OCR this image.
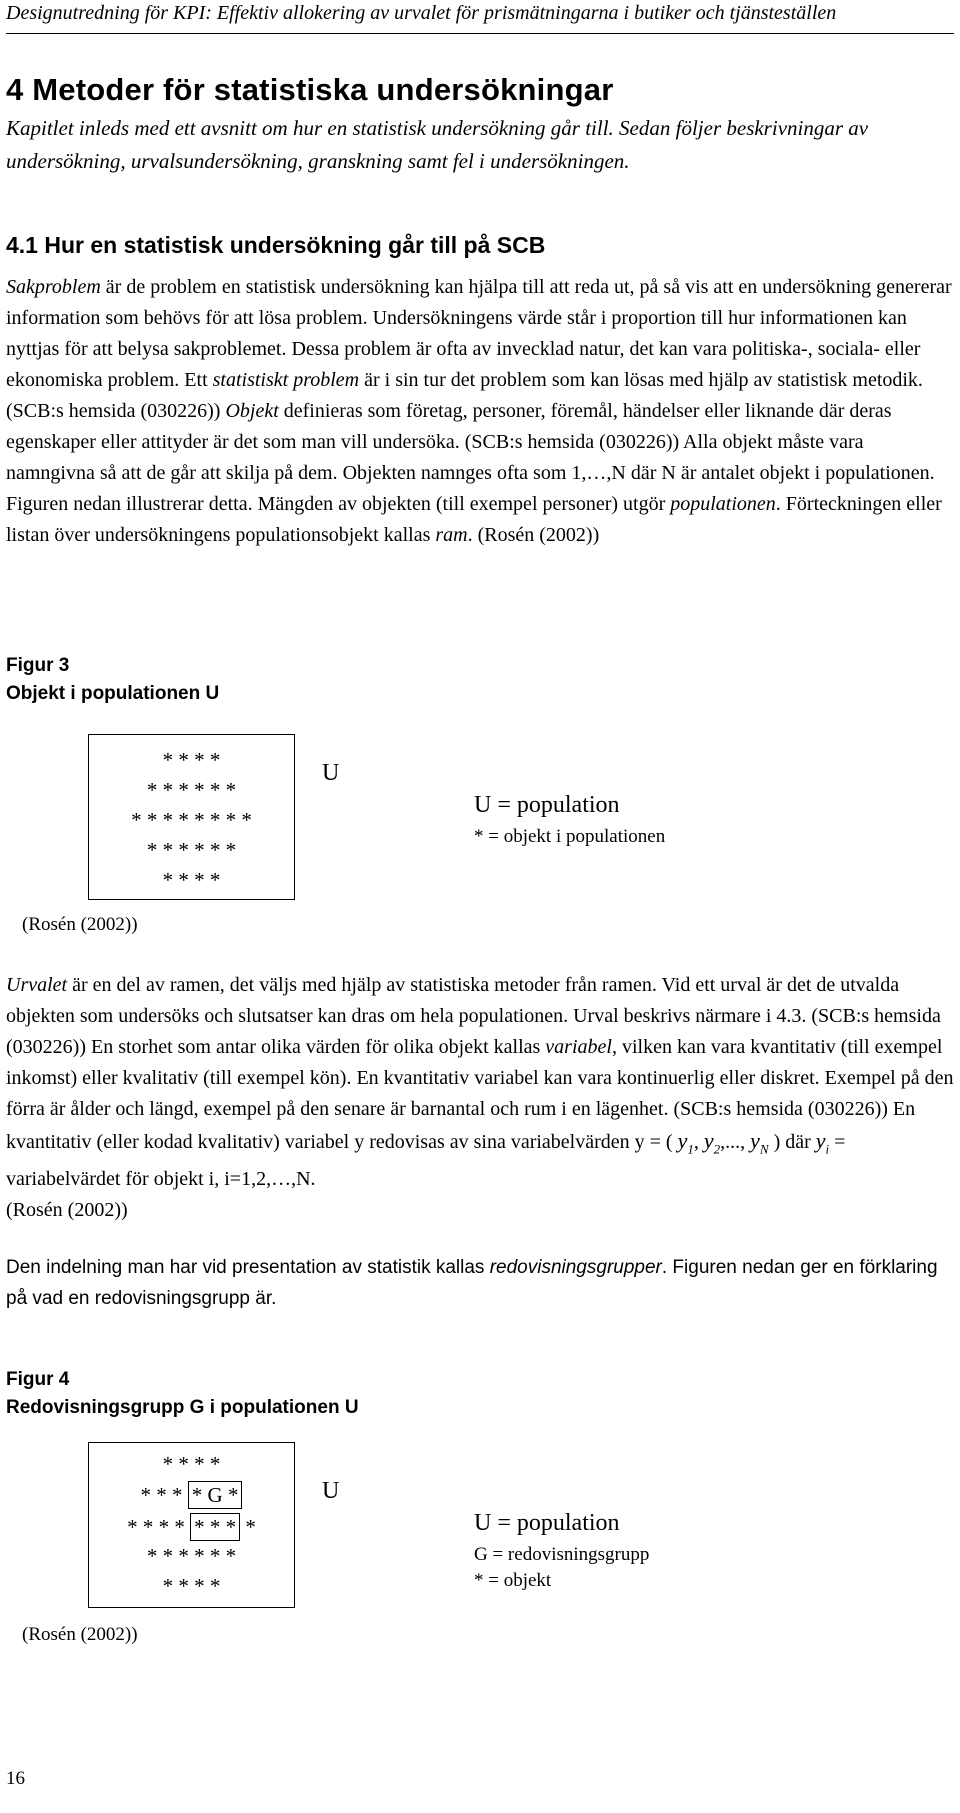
Designutredning för KPI: Effektiv allokering av urvalet för prismätningarna i butiker och tjänsteställen
4 Metoder för statistiska undersökningar

Kapitlet inleds med ett avsnitt om hur en statistisk undersökning går till. Sedan följer beskrivningar av undersökning, urvalsundersökning, granskning samt fel i undersökningen.

4.1 Hur en statistisk undersökning går till på SCB

Sakproblem är de problem en statistisk undersökning kan hjälpa till att reda ut, på så vis att en undersökning genererar information som behövs för att lösa problem. Undersökningens värde står i proportion till hur informationen kan nyttjas för att belysa sakproblemet. Dessa problem är ofta av invecklad natur, det kan vara politiska-, sociala- eller ekonomiska problem. Ett statistiskt problem är i sin tur det problem som kan lösas med hjälp av statistisk metodik. (SCB:s hemsida (030226)) Objekt definieras som företag, personer, föremål, händelser eller liknande där deras egenskaper eller attityder är det som man vill undersöka. (SCB:s hemsida (030226)) Alla objekt måste vara namngivna så att de går att skilja på dem. Objekten namnges ofta som 1,…,N där N är antalet objekt i populationen. Figuren nedan illustrerar detta. Mängden av objekten (till exempel personer) utgör populationen. Förteckningen eller listan över undersökningens populationsobjekt kallas ram. (Rosén (2002))

Figur 3
Objekt i populationen U
* * * *
* * * * * *
* * * * * * * *
* * * * * *
* * * *
U
U = population
* = objekt i populationen
(Rosén (2002))
Urvalet är en del av ramen, det väljs med hjälp av statistiska metoder från ramen. Vid ett urval är det de utvalda objekten som undersöks och slutsatser kan dras om hela populationen. Urval beskrivs närmare i 4.3. (SCB:s hemsida (030226)) En storhet som antar olika värden för olika objekt kallas variabel, vilken kan vara kvantitativ (till exempel inkomst) eller kvalitativ (till exempel kön). En kvantitativ variabel kan vara kontinuerlig eller diskret. Exempel på den förra är ålder och längd, exempel på den senare är barnantal och rum i en lägenhet. (SCB:s hemsida (030226)) En kvantitativ (eller kodad kvalitativ) variabel y redovisas av sina variabelvärden y = ( $y_1$, $y_2$,..., $y_N$ ) där $y_i$ = variabelvärdet för objekt i, i=1,2,…,N.
(Rosén (2002))

Den indelning man har vid presentation av statistik kallas redovisningsgrupper. Figuren nedan ger en förklaring på vad en redovisningsgrupp är.

Figur 4
Redovisningsgrupp G i populationen U
* * * *
* * * * G *
* * * * * * * *
* * * * * *
* * * *
U
U = population
G = redovisningsgrupp
* = objekt
(Rosén (2002))
16
